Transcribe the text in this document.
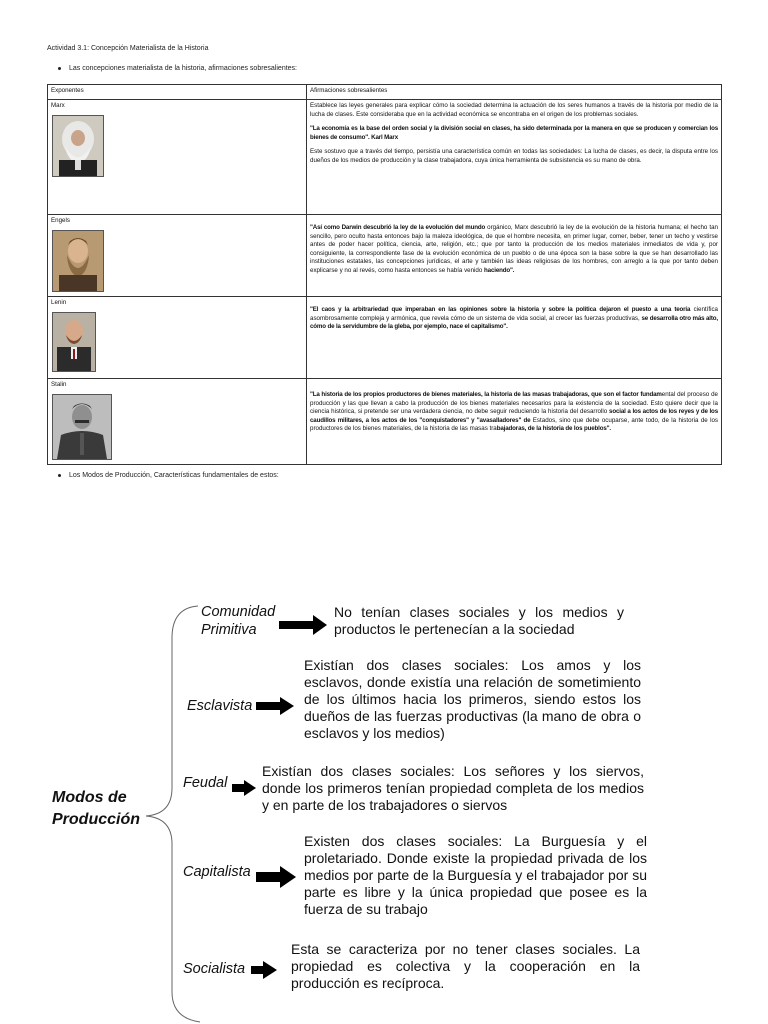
Actividad 3.1: Concepción Materialista de la Historia
Las concepciones materialista de la historia, afirmaciones sobresalientes:
Exponentes	Afirmaciones sobresalientes

Marx	Establece las leyes generales para explicar cómo la sociedad determina la actuación de los seres humanos a través de la historia por medio de la lucha de clases. Este consideraba que en la actividad económica se encontraba en el origen de los problemas sociales.

"La economía es la base del orden social y la división social en clases, ha sido determinada por la manera en que se producen y comercian los bienes de consumo". Karl Marx

Este sostuvo que a través del tiempo, persistía una característica común en todas las sociedades: La lucha de clases, es decir, la disputa entre los dueños de los medios de producción y la clase trabajadora, cuya única herramienta de subsistencia es su mano de obra.

Engels	"Así como Darwin descubrió la ley de la evolución del mundo orgánico, Marx descubrió la ley de la evolución de la historia humana; el hecho tan sencillo, pero oculto hasta entonces bajo la maleza ideológica, de que el hombre necesita, en primer lugar, comer, beber, tener un techo y vestirse antes de poder hacer política, ciencia, arte, religión, etc.; que por tanto la producción de los medios materiales inmediatos de vida y, por consiguiente, la correspondiente fase de la evolución económica de un pueblo o de una época son la base sobre la que se han desarrollado las instituciones estatales, las concepciones jurídicas, el arte y también las ideas religiosas de los hombres, con arreglo a la que por tanto deben explicarse y no al revés, como hasta entonces se había venido haciendo".

Lenin	"El caos y la arbitrariedad que imperaban en las opiniones sobre la historia y sobre la política dejaron el puesto a una teoría científica asombrosamente compleja y armónica, que revela cómo de un sistema de vida social, al crecer las fuerzas productivas, se desarrolla otro más alto, cómo de la servidumbre de la gleba, por ejemplo, nace el capitalismo".

Stalin	"La historia de los propios productores de bienes materiales, la historia de las masas trabajadoras, que son el factor fundamental del proceso de producción y las que llevan a cabo la producción de los bienes materiales necesarios para la existencia de la sociedad. Esto quiere decir que la ciencia histórica, si pretende ser una verdadera ciencia, no debe seguir reduciendo la historia del desarrollo social a los actos de los reyes y de los caudillos militares, a los actos de los "conquistadores" y "avasalladores" de Estados, sino que debe ocuparse, ante todo, de la historia de los productores de los bienes materiales, de la historia de las masas trabajadoras, de la historia de los pueblos".

Los Modos de Producción, Características fundamentales de estos:
Modos de
Producción
Comunidad
Primitiva
No tenían clases sociales y los medios y productos le pertenecían a la sociedad
Esclavista
Existían dos clases sociales: Los amos y los esclavos, donde existía una relación de sometimiento de los últimos hacia los primeros, siendo estos los dueños de las fuerzas productivas (la mano de obra o esclavos y los medios)
Feudal
Existían dos clases sociales: Los señores y los siervos, donde los primeros tenían propiedad completa de los medios y en parte de los trabajadores o siervos
Capitalista
Existen dos clases sociales: La Burguesía y el proletariado. Donde existe la propiedad privada de los medios por parte de la Burguesía y el trabajador por su parte es libre y la única propiedad que posee es la fuerza de su trabajo
Socialista
Esta se caracteriza por no tener clases sociales. La propiedad es colectiva y la cooperación en la producción es recíproca.
